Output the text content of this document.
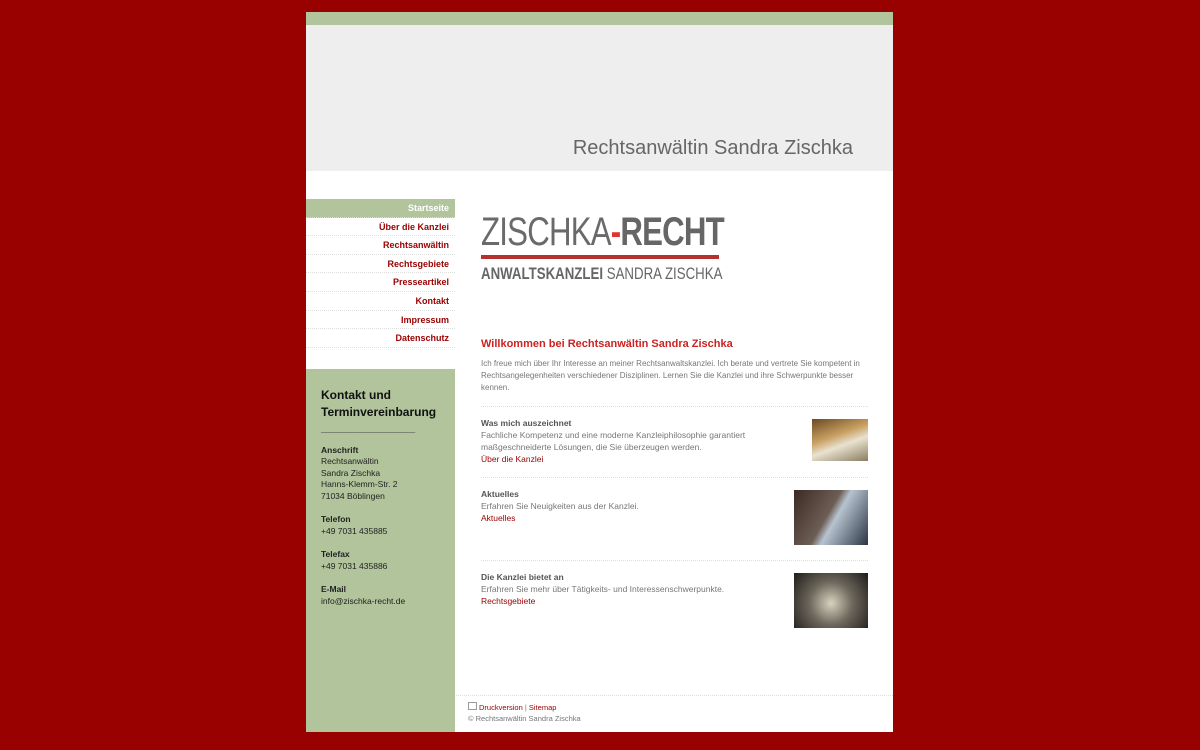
Rechtsanwältin Sandra Zischka
Startseite
Über die Kanzlei
Rechtsanwältin
Rechtsgebiete
Presseartikel
Kontakt
Impressum
Datenschutz
Kontakt und Terminvereinbarung
_________________________
Anschrift
Rechtsanwältin
Sandra Zischka
Hanns-Klemm-Str. 2
71034 Böblingen
Telefon
+49 7031 435885
Telefax
+49 7031 435886
E-Mail
info@zischka-recht.de
ZISCHKA-RECHT
ANWALTSKANZLEI SANDRA ZISCHKA
Willkommen bei Rechtsanwältin Sandra Zischka

Ich freue mich über Ihr Interesse an meiner Rechtsanwaltskanzlei. Ich berate und vertrete Sie kompetent in Rechtsangelegenheiten verschiedener Disziplinen. Lernen Sie die Kanzlei und ihre Schwerpunkte besser kennen.

Was mich auszeichnet
Fachliche Kompetenz und eine moderne Kanzleiphilosophie garantiert maßgeschneiderte Lösungen, die Sie überzeugen werden.
Über die Kanzlei
Aktuelles
Erfahren Sie Neuigkeiten aus der Kanzlei.
Aktuelles
Die Kanzlei bietet an
Erfahren Sie mehr über Tätigkeits- und Interessenschwerpunkte.
Rechtsgebiete
Druckversion | Sitemap
© Rechtsanwältin Sandra Zischka
